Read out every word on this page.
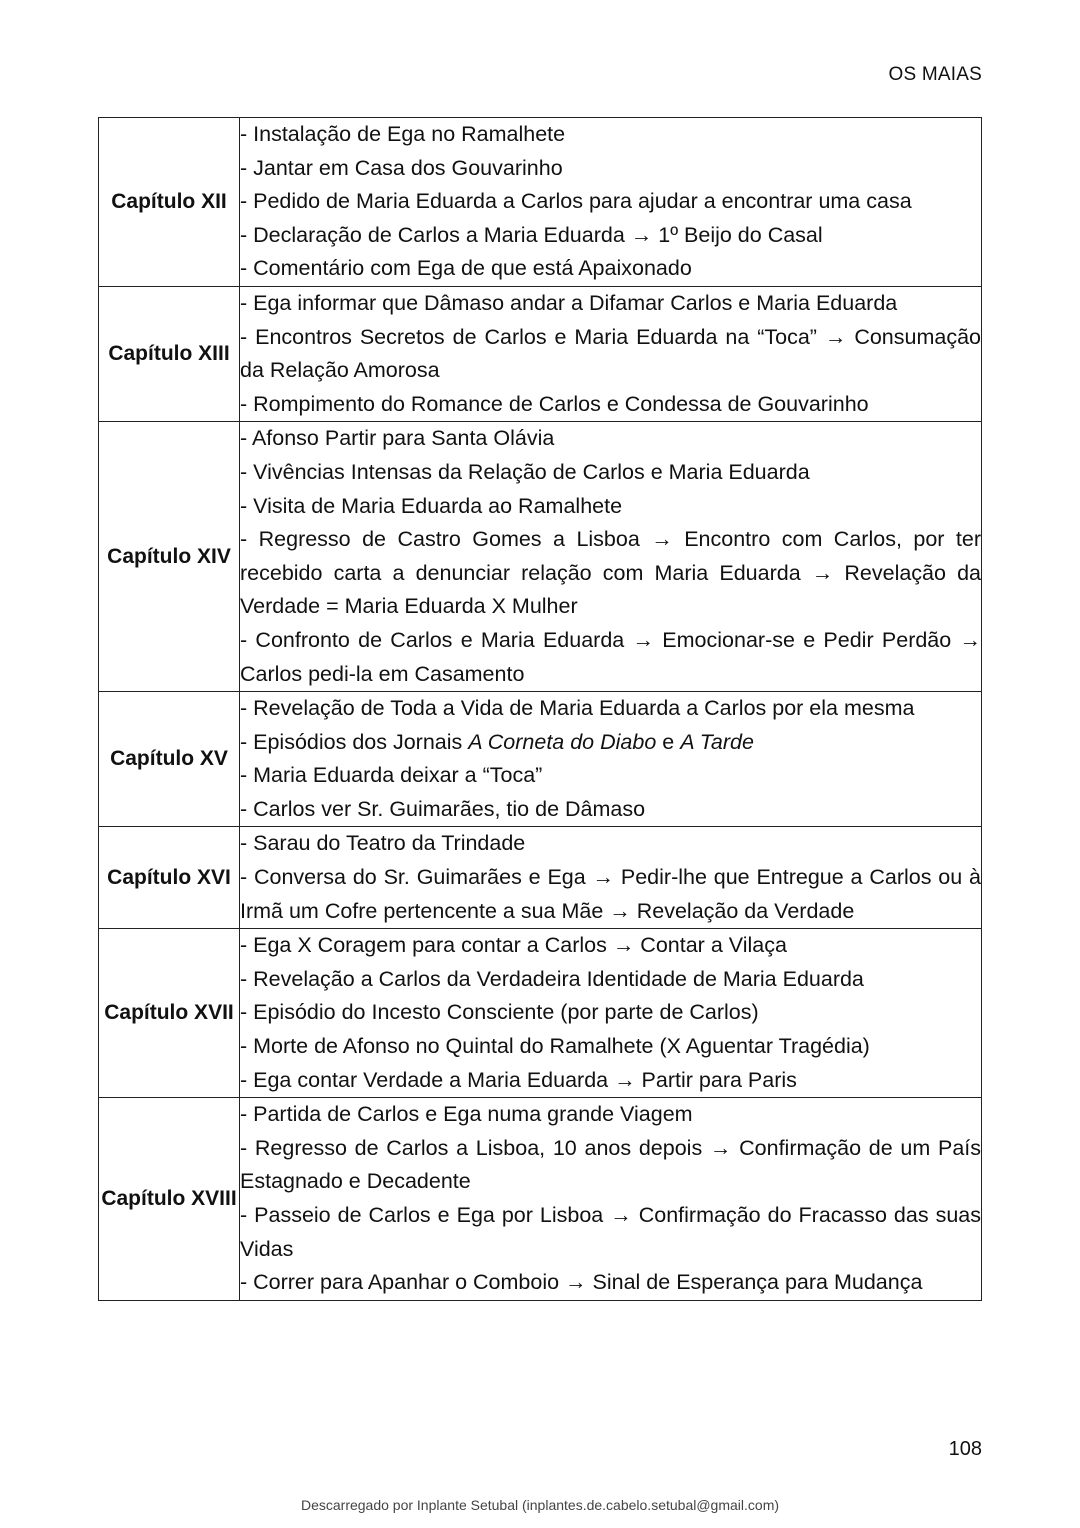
OS MAIAS
Capítulo XII	- Instalação de Ega no Ramalhete
- Jantar em Casa dos Gouvarinho
- Pedido de Maria Eduarda a Carlos para ajudar a encontrar uma casa
- Declaração de Carlos a Maria Eduarda → 1º Beijo do Casal
- Comentário com Ega de que está Apaixonado

Capítulo XIII	- Ega informar que Dâmaso andar a Difamar Carlos e Maria Eduarda
- Encontros Secretos de Carlos e Maria Eduarda na “Toca” → Consumação da Relação Amorosa
- Rompimento do Romance de Carlos e Condessa de Gouvarinho

Capítulo XIV	- Afonso Partir para Santa Olávia
- Vivências Intensas da Relação de Carlos e Maria Eduarda
- Visita de Maria Eduarda ao Ramalhete
- Regresso de Castro Gomes a Lisboa → Encontro com Carlos, por ter recebido carta a denunciar relação com Maria Eduarda → Revelação da Verdade = Maria Eduarda X Mulher
- Confronto de Carlos e Maria Eduarda → Emocionar-se e Pedir Perdão → Carlos pedi-la em Casamento

Capítulo XV	- Revelação de Toda a Vida de Maria Eduarda a Carlos por ela mesma
- Episódios dos Jornais A Corneta do Diabo e A Tarde
- Maria Eduarda deixar a “Toca”
- Carlos ver Sr. Guimarães, tio de Dâmaso

Capítulo XVI	- Sarau do Teatro da Trindade
- Conversa do Sr. Guimarães e Ega → Pedir-lhe que Entregue a Carlos ou à Irmã um Cofre pertencente a sua Mãe → Revelação da Verdade

Capítulo XVII	- Ega X Coragem para contar a Carlos → Contar a Vilaça
- Revelação a Carlos da Verdadeira Identidade de Maria Eduarda
- Episódio do Incesto Consciente (por parte de Carlos)
- Morte de Afonso no Quintal do Ramalhete (X Aguentar Tragédia)
- Ega contar Verdade a Maria Eduarda → Partir para Paris

Capítulo XVIII	- Partida de Carlos e Ega numa grande Viagem
- Regresso de Carlos a Lisboa, 10 anos depois → Confirmação de um País Estagnado e Decadente
- Passeio de Carlos e Ega por Lisboa → Confirmação do Fracasso das suas Vidas
- Correr para Apanhar o Comboio → Sinal de Esperança para Mudança
108
Descarregado por Inplante Setubal (inplantes.de.cabelo.setubal@gmail.com)
